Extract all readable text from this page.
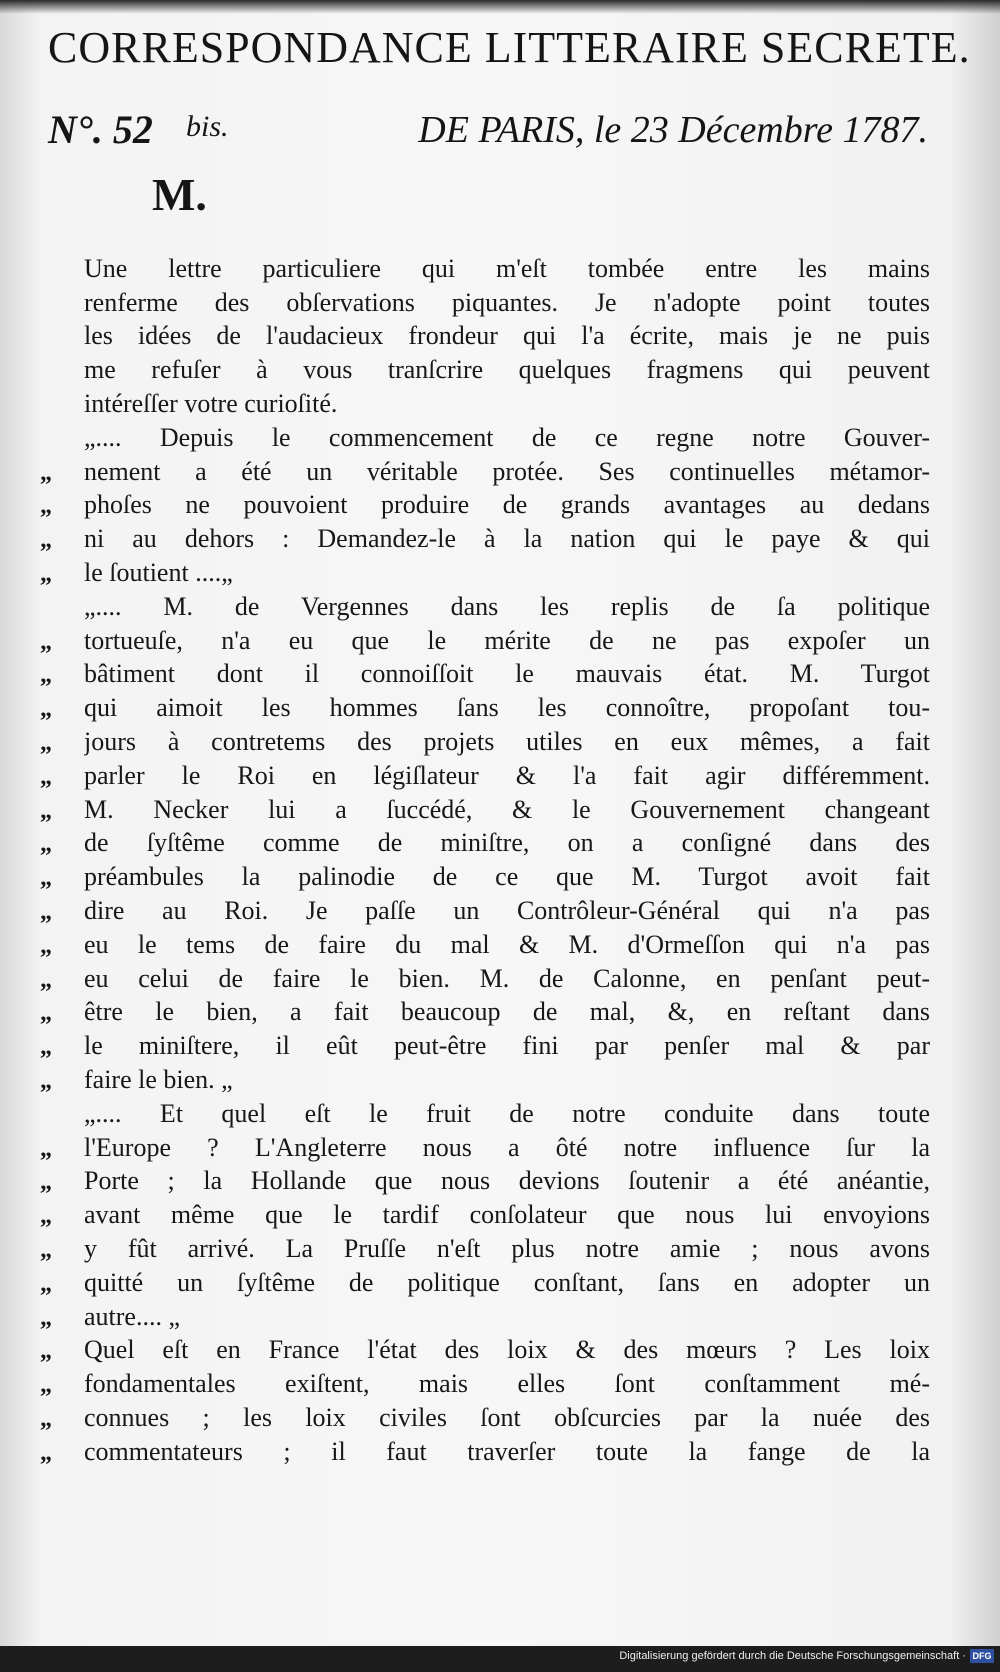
CORRESPONDANCE LITTERAIRE SECRETE.
N°. 52 bis.	DE PARIS, le 23 Décembre 1787.
M.
Une lettre particuliere qui m'eſt tombée entre les mains
renferme des obſervations piquantes. Je n'adopte point toutes
les idées de l'audacieux frondeur qui l'a écrite, mais je ne puis
me refuſer à vous tranſcrire quelques fragmens qui peuvent
intéreſſer votre curioſité.
„.... Depuis le commencement de ce regne notre Gouver-
„	nement a été un véritable protée. Ses continuelles métamor-
„	phoſes ne pouvoient produire de grands avantages au dedans
„	ni au dehors : Demandez-le à la nation qui le paye & qui
„	le ſoutient ....„
„.... M. de Vergennes dans les replis de ſa politique
„	tortueuſe, n'a eu que le mérite de ne pas expoſer un
„	bâtiment dont il connoiſſoit le mauvais état. M. Turgot
„	qui aimoit les hommes ſans les connoître, propoſant tou-
„	jours à contretems des projets utiles en eux mêmes, a fait
„	parler le Roi en légiſlateur & l'a fait agir différemment.
„	M. Necker lui a ſuccédé, & le Gouvernement changeant
„	de ſyſtême comme de miniſtre, on a conſigné dans des
„	préambules la palinodie de ce que M. Turgot avoit fait
„	dire au Roi. Je paſſe un Contrôleur-Général qui n'a pas
„	eu le tems de faire du mal & M. d'Ormeſſon qui n'a pas
„	eu celui de faire le bien. M. de Calonne, en penſant peut-
„	être le bien, a fait beaucoup de mal, &, en reſtant dans
„	le miniſtere, il eût peut-être fini par penſer mal & par
„	faire le bien. „
„.... Et quel eſt le fruit de notre conduite dans toute
„	l'Europe ? L'Angleterre nous a ôté notre influence ſur la
„	Porte ; la Hollande que nous devions ſoutenir a été anéantie,
„	avant même que le tardif conſolateur que nous lui envoyions
„	y fût arrivé. La Pruſſe n'eſt plus notre amie ; nous avons
„	quitté un ſyſtême de politique conſtant, ſans en adopter un
„	autre.... „
„	Quel eſt en France l'état des loix & des mœurs ? Les loix
„	fondamentales exiſtent, mais elles ſont conſtamment mé-
„	connues ; les loix civiles ſont obſcurcies par la nuée des
„	commentateurs ; il faut traverſer toute la fange de la
Digitalisierung gefördert durch die Deutsche Forschungsgemeinschaft · DFG
